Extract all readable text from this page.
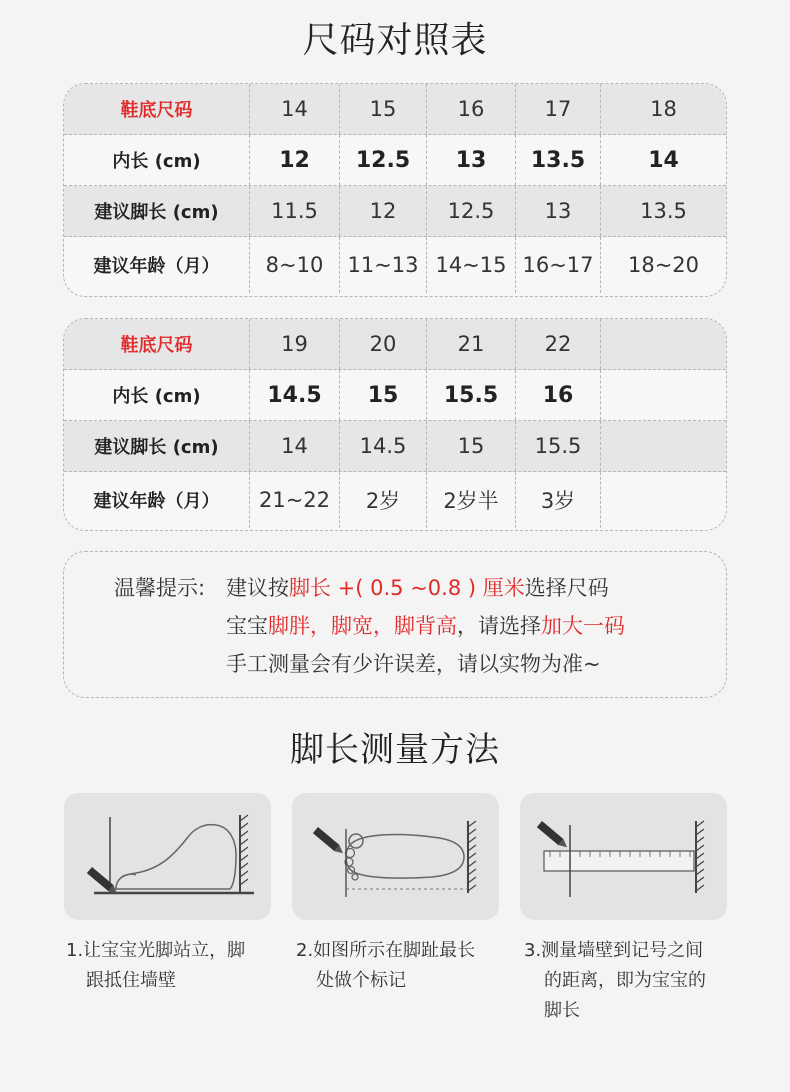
尺码对照表
鞋底尺码	14	15	16	17	18
内长 (cm)	12	12.5	13	13.5	14
建议脚长 (cm)	11.5	12	12.5	13	13.5
建议年龄（月）	8~10	11~13 14~15 16~17	18~20
鞋底尺码	19	20	21	22
内长 (cm)	14.5	15	15.5	16
建议脚长 (cm)	14	14.5	15	15.5
建议年龄（月）	21~22	2岁	2岁半	3岁
温馨提示: 建议按脚长 +( 0.5 ~0.8 ) 厘米选择尺码
宝宝脚胖，脚宽，脚背高，请选择加大一码
手工测量会有少许误差，请以实物为准~
脚长测量方法
1.让宝宝光脚站立，脚
跟抵住墙壁
2.如图所示在脚趾最长
处做个标记
3.测量墙壁到记号之间
的距离，即为宝宝的
脚长
